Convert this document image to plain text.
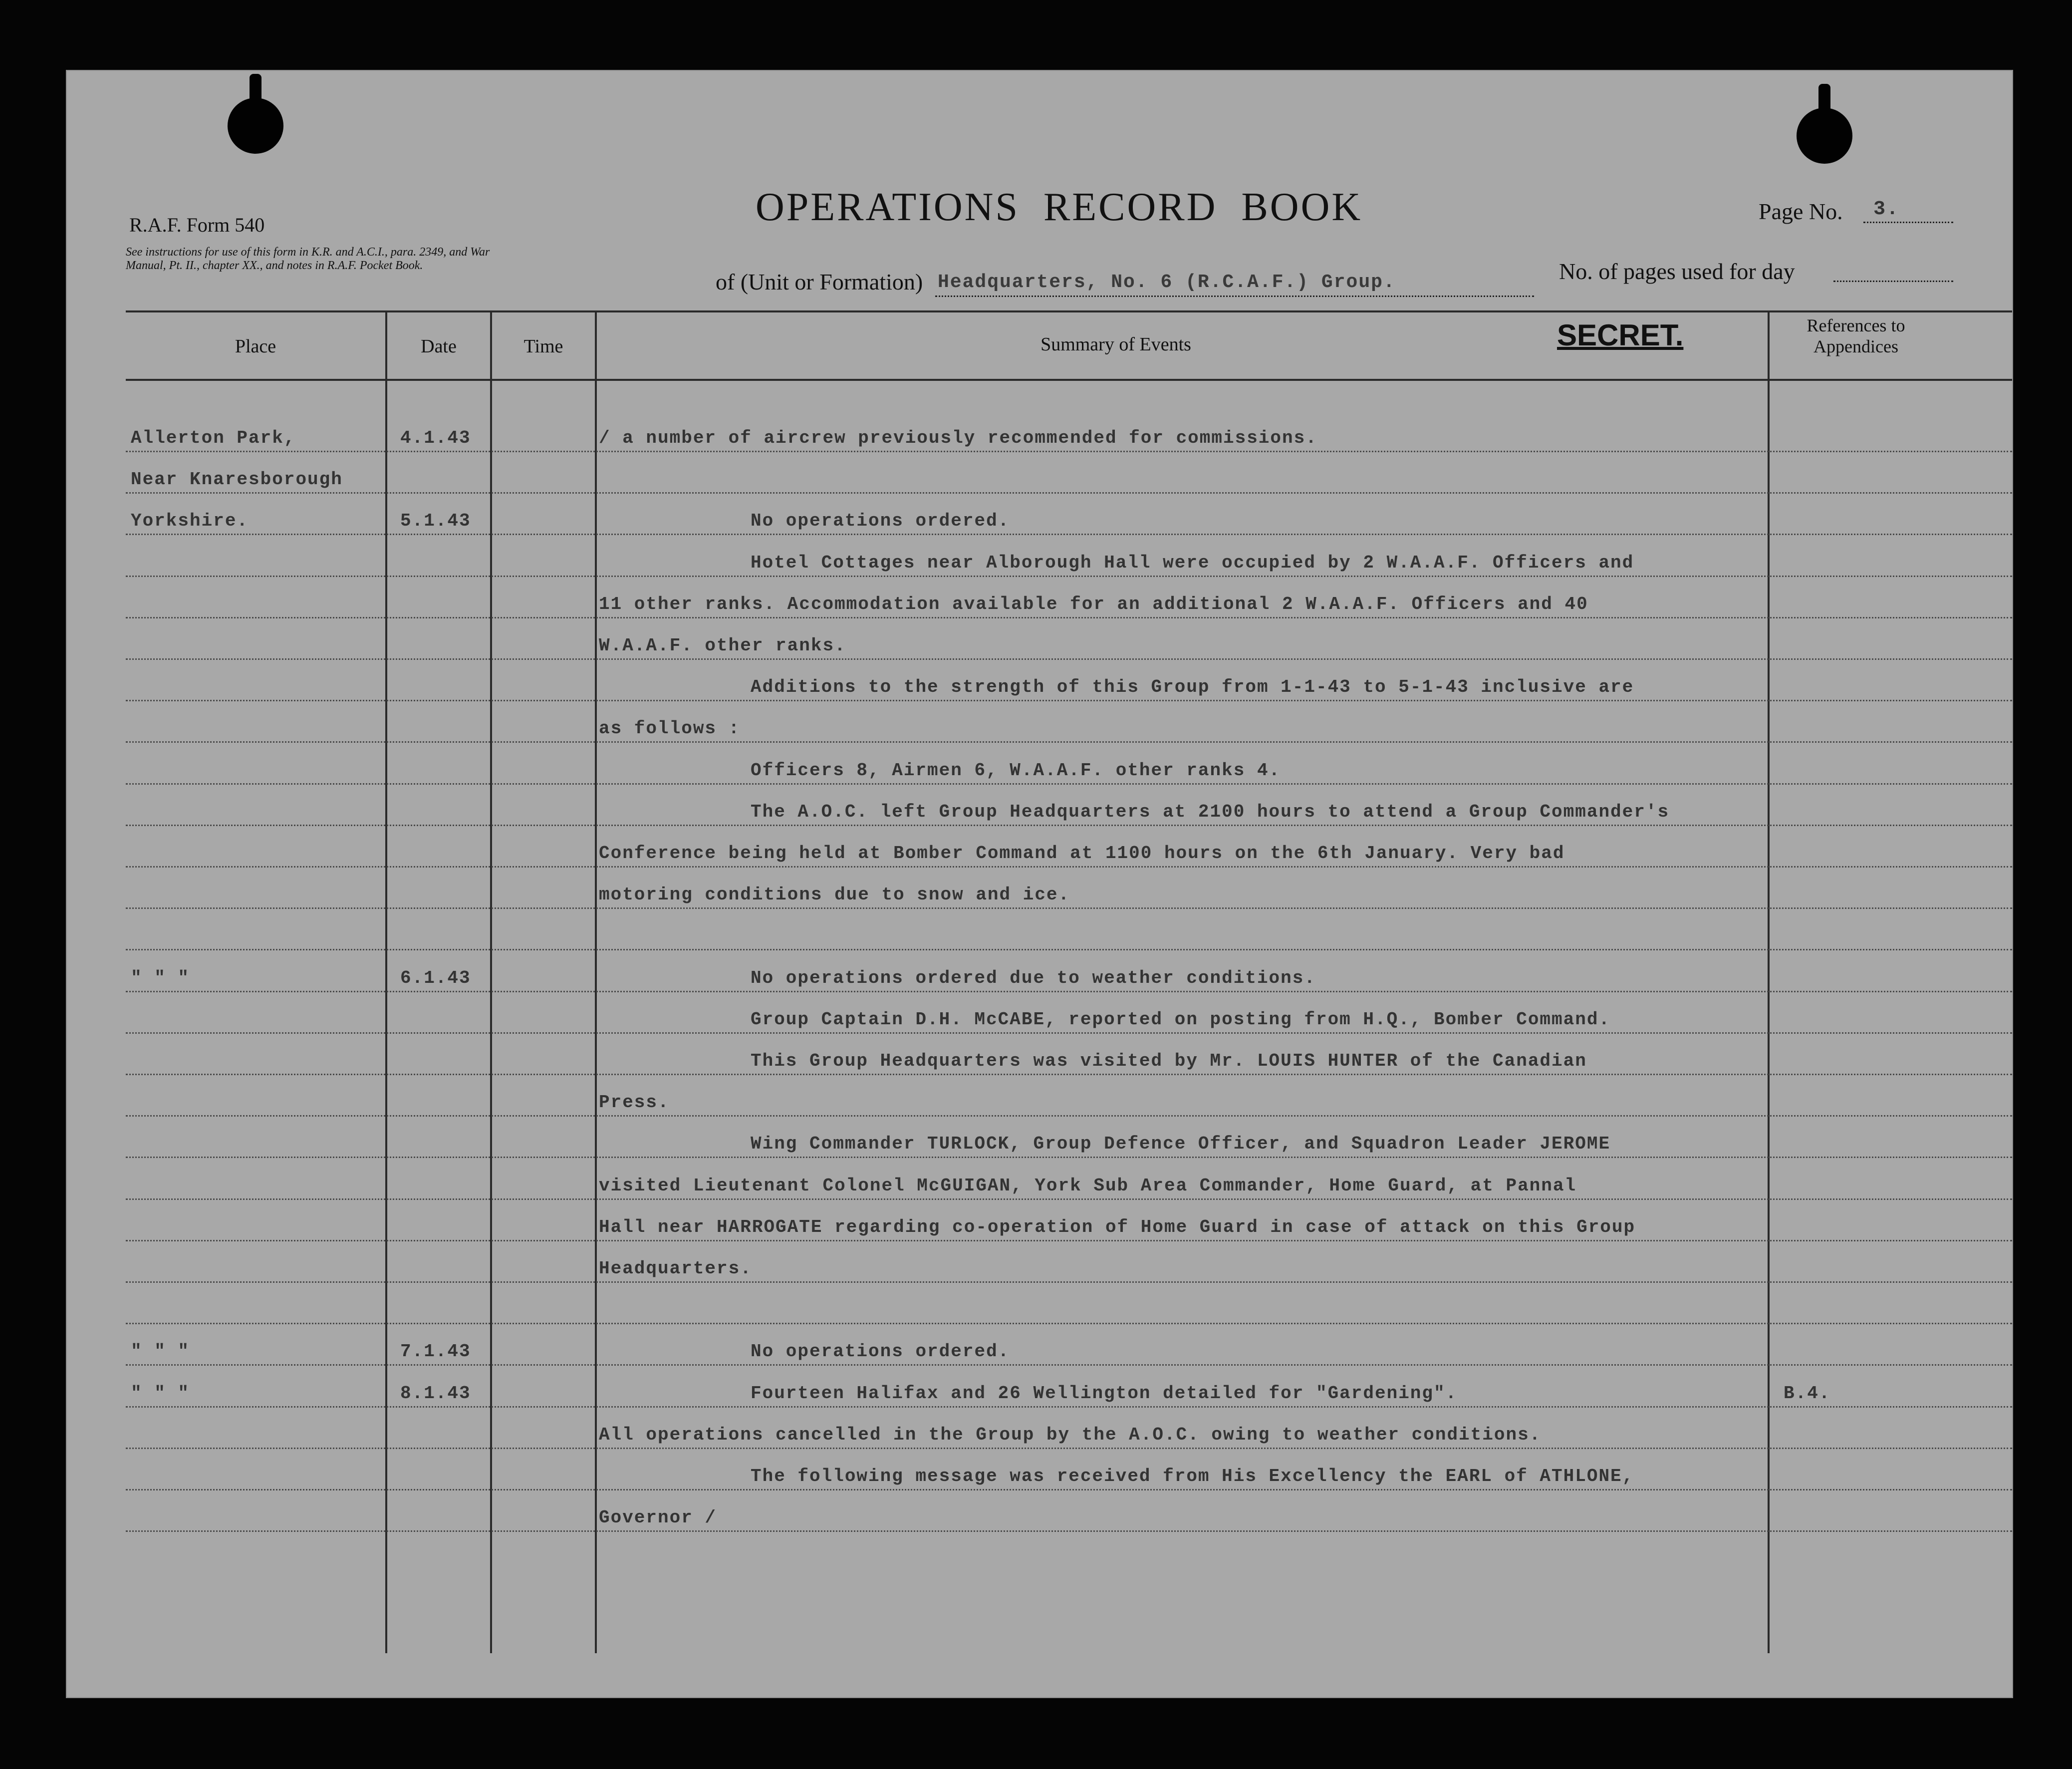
R.A.F. Form 540
See instructions for use of this form in K.R. and A.C.I., para. 2349, and War Manual, Pt. II., chapter XX., and notes in R.A.F. Pocket Book.
OPERATIONS RECORD BOOK	Page No. 3.
of (Unit or Formation) Headquarters, No. 6 (R.C.A.F.) Group.	No. of pages used for day
Place	Date	Time	Summary of Events	SECRET.	References to Appendices
Allerton Park,	4.1.43	/ a number of aircrew previously recommended for commissions.
Near Knaresborough
Yorkshire.	5.1.43	No operations ordered.
Hotel Cottages near Alborough Hall were occupied by 2 W.A.A.F. Officers and
11 other ranks. Accommodation available for an additional 2 W.A.A.F. Officers and 40
W.A.A.F. other ranks.
Additions to the strength of this Group from 1-1-43 to 5-1-43 inclusive are
as follows :
Officers 8, Airmen 6, W.A.A.F. other ranks 4.
The A.O.C. left Group Headquarters at 2100 hours to attend a Group Commander's
Conference being held at Bomber Command at 1100 hours on the 6th January. Very bad
motoring conditions due to snow and ice.
" " "	6.1.43	No operations ordered due to weather conditions.
Group Captain D.H. McCABE, reported on posting from H.Q., Bomber Command.
This Group Headquarters was visited by Mr. LOUIS HUNTER of the Canadian
Press.
Wing Commander TURLOCK, Group Defence Officer, and Squadron Leader JEROME
visited Lieutenant Colonel McGUIGAN, York Sub Area Commander, Home Guard, at Pannal
Hall near HARROGATE regarding co-operation of Home Guard in case of attack on this Group
Headquarters.
" " "	7.1.43	No operations ordered.
" " "	8.1.43	Fourteen Halifax and 26 Wellington detailed for "Gardening".	B.4.
All operations cancelled in the Group by the A.O.C. owing to weather conditions.
The following message was received from His Excellency the EARL of ATHLONE,
Governor /
